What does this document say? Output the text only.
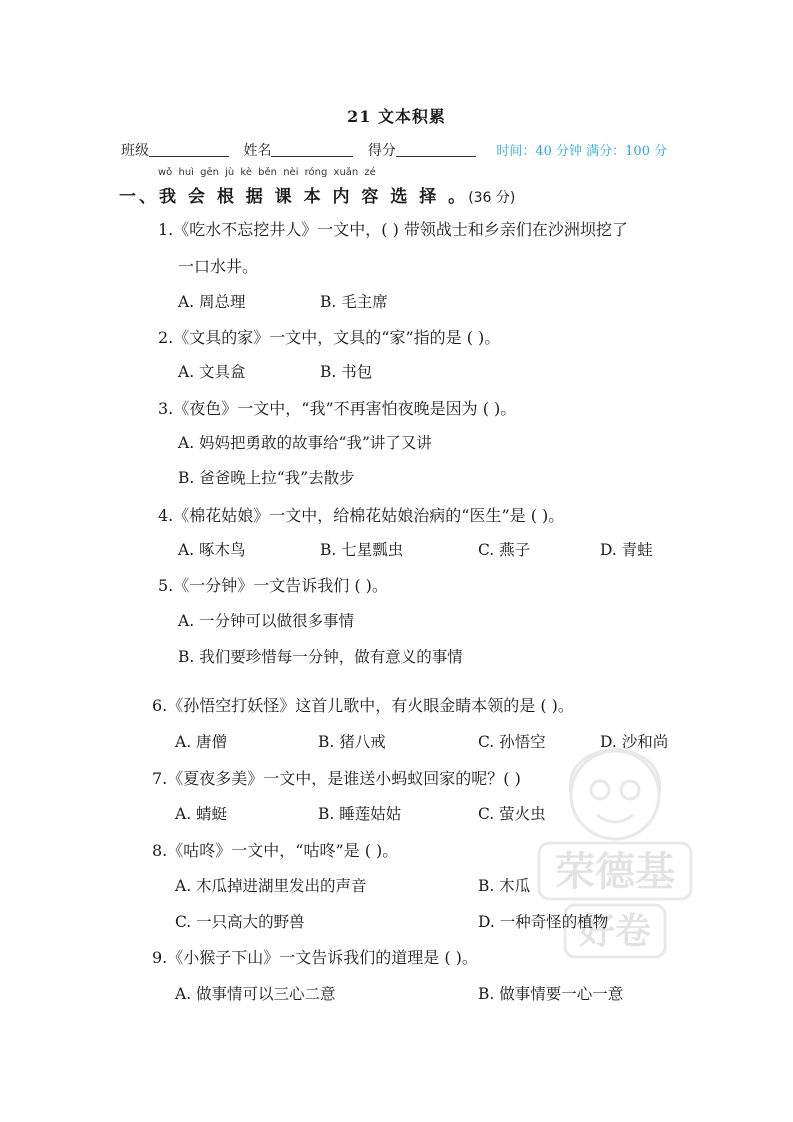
21 文本积累
班级	姓名	得分	时间：40 分钟 满分：100 分
wǒ huì gēn jù kè běn nèi róng xuǎn zé
一、我 会 根 据 课 本 内 容 选 择 。(36 分)
1.《吃水不忘挖井人》一文中，( ) 带领战士和乡亲们在沙洲坝挖了
一口水井。
A. 周总理	B. 毛主席
2.《文具的家》一文中，文具的“家”指的是 ( )。
A. 文具盒	B. 书包
3.《夜色》一文中，“我”不再害怕夜晚是因为 ( )。
A. 妈妈把勇敢的故事给“我”讲了又讲
B. 爸爸晚上拉“我”去散步
4.《棉花姑娘》一文中，给棉花姑娘治病的“医生”是 ( )。
A. 啄木鸟	B. 七星瓢虫	C. 燕子	D. 青蛙
5.《一分钟》一文告诉我们 ( )。
A. 一分钟可以做很多事情
B. 我们要珍惜每一分钟，做有意义的事情
6.《孙悟空打妖怪》这首儿歌中，有火眼金睛本领的是 ( )。
A. 唐僧	B. 猪八戒	C. 孙悟空	D. 沙和尚
7.《夏夜多美》一文中，是谁送小蚂蚁回家的呢？( )
A. 蜻蜓	B. 睡莲姑姑	C. 萤火虫
8.《咕咚》一文中，“咕咚”是 ( )。
A. 木瓜掉进湖里发出的声音	B. 木瓜
C. 一只高大的野兽	D. 一种奇怪的植物
9.《小猴子下山》一文告诉我们的道理是 ( )。
A. 做事情可以三心二意	B. 做事情要一心一意
荣德基
好卷
